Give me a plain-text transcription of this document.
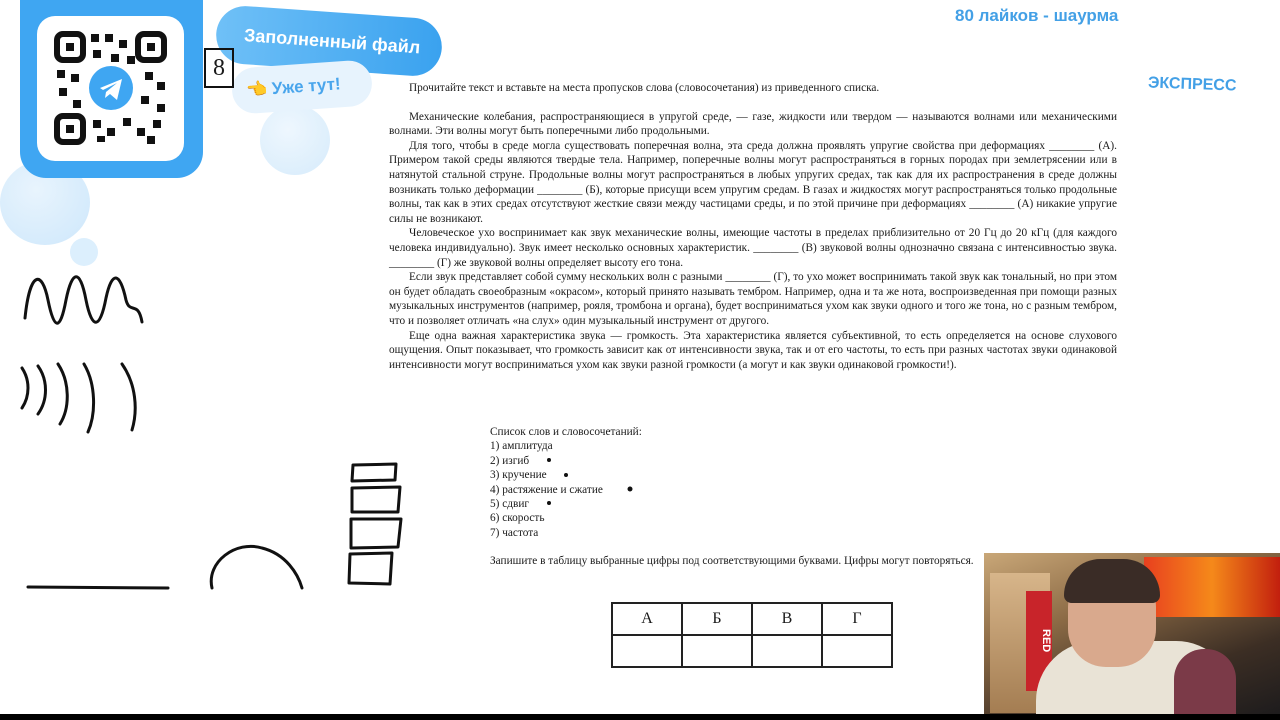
Заполненный файл
👈 Уже тут!
8
80 лайков - шаурма
ЭКСПРЕСС

Прочитайте текст и вставьте на места пропусков слова (словосочетания) из приведенного списка.

Механические колебания, распространяющиеся в упругой среде, — газе, жидкости или твердом — называются волнами или механическими волнами. Эти волны могут быть поперечными либо продольными.

Для того, чтобы в среде могла существовать поперечная волна, эта среда должна проявлять упругие свойства при деформациях ________ (А). Примером такой среды являются твердые тела. Например, поперечные волны могут распространяться в горных породах при землетрясении или в натянутой стальной струне. Продольные волны могут распространяться в любых упругих средах, так как для их распространения в среде должны возникать только деформации ________ (Б), которые присущи всем упругим средам. В газах и жидкостях могут распространяться только продольные волны, так как в этих средах отсутствуют жесткие связи между частицами среды, и по этой причине при деформациях ________ (А) никакие упругие силы не возникают.

Человеческое ухо воспринимает как звук механические волны, имеющие частоты в пределах приблизительно от 20 Гц до 20 кГц (для каждого человека индивидуально). Звук имеет несколько основных характеристик. ________ (В) звуковой волны однозначно связана с интенсивностью звука. ________ (Г) же звуковой волны определяет высоту его тона.

Если звук представляет собой сумму нескольких волн с разными ________ (Г), то ухо может воспринимать такой звук как тональный, но при этом он будет обладать своеобразным «окрасом», который принято называть тембром. Например, одна и та же нота, воспроизведенная при помощи разных музыкальных инструментов (например, рояля, тромбона и органа), будет восприниматься ухом как звуки одного и того же тона, но с разным тембром, что и позволяет отличать «на слух» один музыкальный инструмент от другого.

Еще одна важная характеристика звука — громкость. Эта характеристика является субъективной, то есть определяется на основе слухового ощущения. Опыт показывает, что громкость зависит как от интенсивности звука, так и от его частоты, то есть при разных частотах звуки одинаковой интенсивности могут восприниматься ухом как звуки разной громкости (а могут и как звуки одинаковой громкости!).

Список слов и словосочетаний:
1) амплитуда
2) изгиб
3) кручение
4) растяжение и сжатие
5) сдвиг
6) скорость
7) частота
Запишите в таблицу выбранные цифры под соответствующими буквами. Цифры могут повторяться.
А	Б	В	Г

RED
